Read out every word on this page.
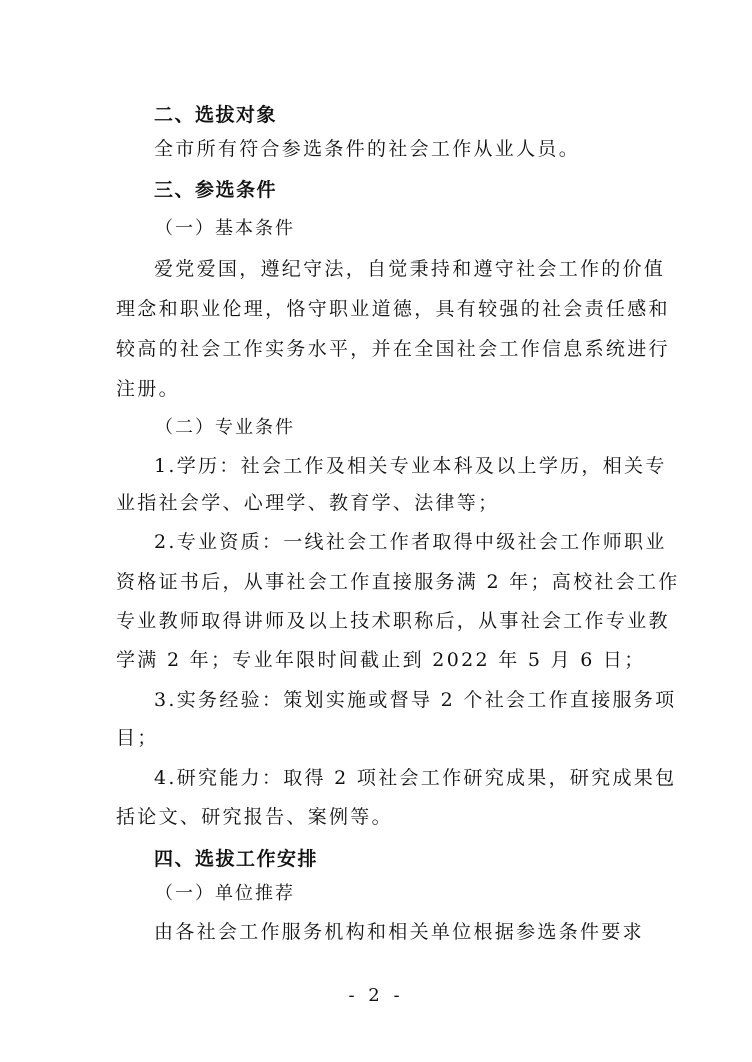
二、选拔对象
全市所有符合参选条件的社会工作从业人员。
三、参选条件
（一）基本条件
爱党爱国，遵纪守法，自觉秉持和遵守社会工作的价值
理念和职业伦理，恪守职业道德，具有较强的社会责任感和
较高的社会工作实务水平，并在全国社会工作信息系统进行
注册。
（二）专业条件
1.学历：社会工作及相关专业本科及以上学历，相关专
业指社会学、心理学、教育学、法律等；
2.专业资质：一线社会工作者取得中级社会工作师职业
资格证书后，从事社会工作直接服务满 2 年；高校社会工作
专业教师取得讲师及以上技术职称后，从事社会工作专业教
学满 2 年；专业年限时间截止到 2022 年 5 月 6 日；
3.实务经验：策划实施或督导 2 个社会工作直接服务项
目；
4.研究能力：取得 2 项社会工作研究成果，研究成果包
括论文、研究报告、案例等。
四、选拔工作安排
（一）单位推荐
由各社会工作服务机构和相关单位根据参选条件要求
- 2 -
